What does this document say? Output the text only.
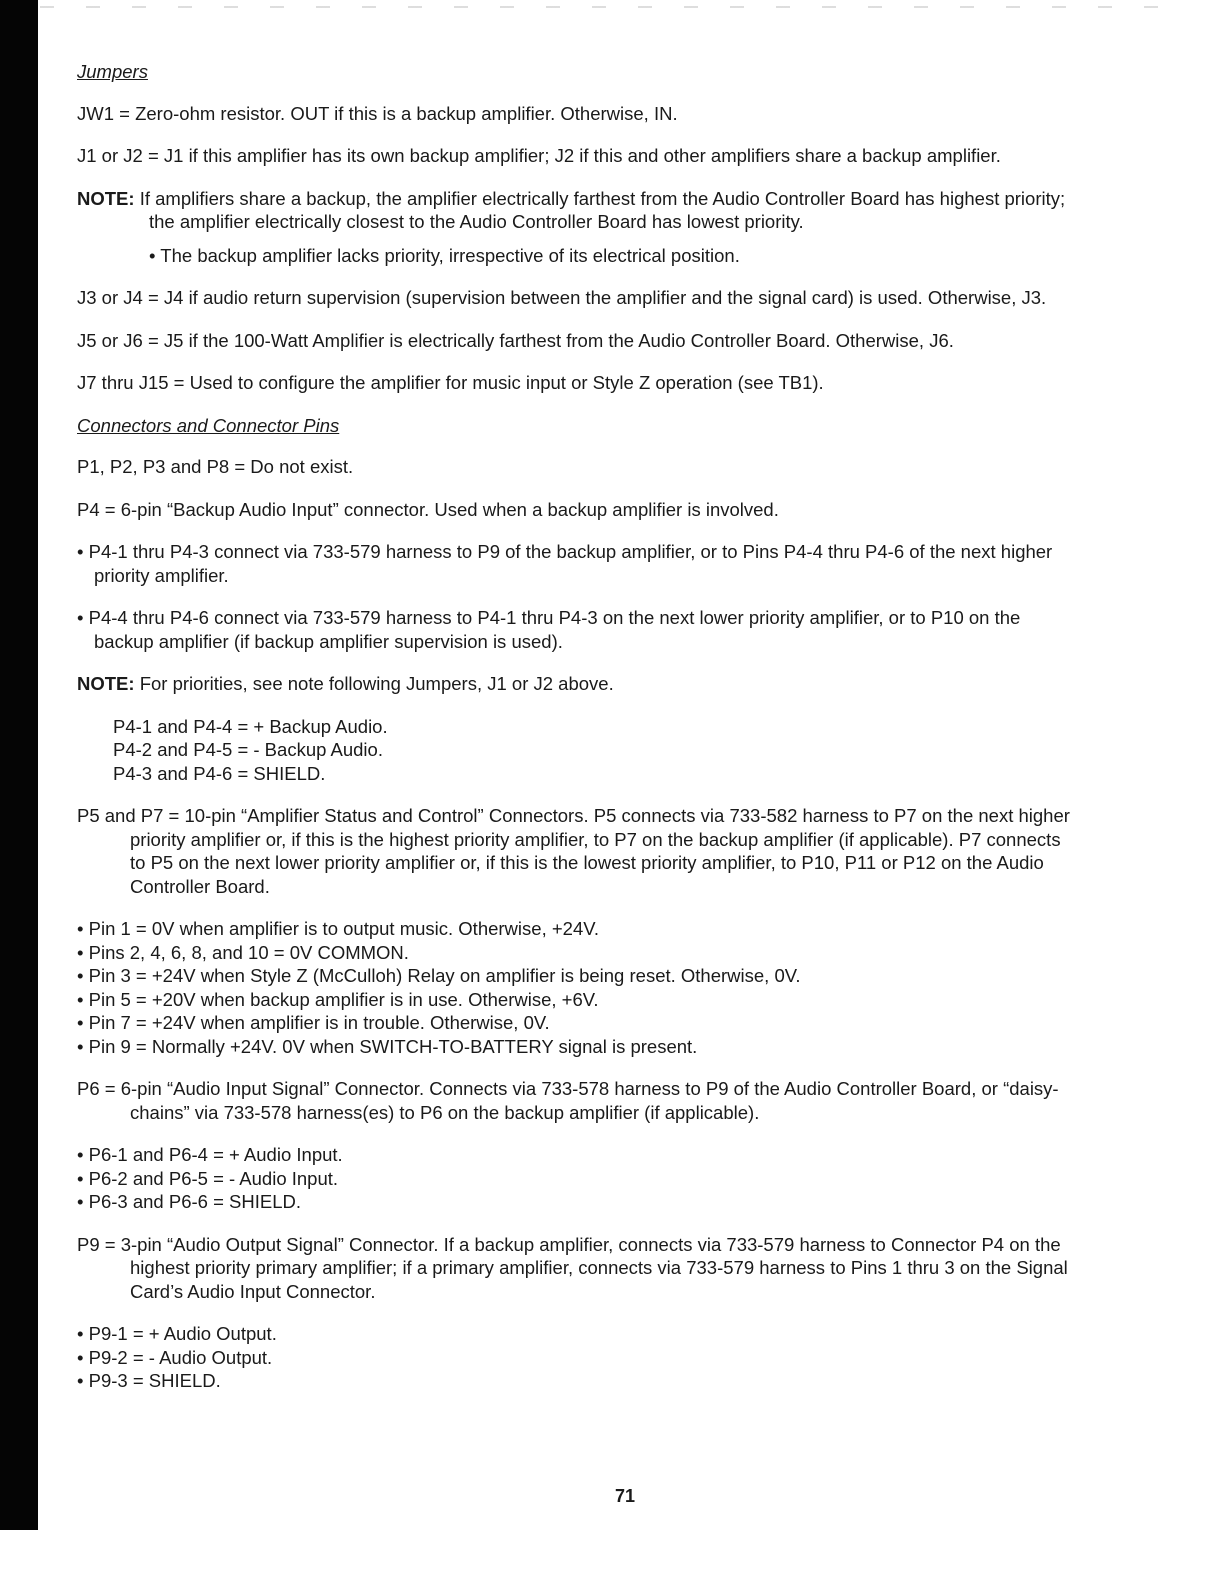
Jumpers

JW1 = Zero-ohm resistor. OUT if this is a backup amplifier. Otherwise, IN.

J1 or J2 = J1 if this amplifier has its own backup amplifier; J2 if this and other amplifiers share a backup amplifier.

NOTE: If amplifiers share a backup, the amplifier electrically farthest from the Audio Controller Board has highest priority; the amplifier electrically closest to the Audio Controller Board has lowest priority.

• The backup amplifier lacks priority, irrespective of its electrical position.

J3 or J4 = J4 if audio return supervision (supervision between the amplifier and the signal card) is used. Otherwise, J3.

J5 or J6 = J5 if the 100-Watt Amplifier is electrically farthest from the Audio Controller Board. Otherwise, J6.

J7 thru J15 = Used to configure the amplifier for music input or Style Z operation (see TB1).

Connectors and Connector Pins

P1, P2, P3 and P8 = Do not exist.

P4 = 6-pin “Backup Audio Input” connector. Used when a backup amplifier is involved.

• P4-1 thru P4-3 connect via 733-579 harness to P9 of the backup amplifier, or to Pins P4-4 thru P4-6 of the next higher priority amplifier.
• P4-4 thru P4-6 connect via 733-579 harness to P4-1 thru P4-3 on the next lower priority amplifier, or to P10 on the backup amplifier (if backup amplifier supervision is used).

NOTE: For priorities, see note following Jumpers, J1 or J2 above.

P4-1 and P4-4 = + Backup Audio.
P4-2 and P4-5 = - Backup Audio.
P4-3 and P4-6 = SHIELD.

P5 and P7 = 10-pin “Amplifier Status and Control” Connectors. P5 connects via 733-582 harness to P7 on the next higher priority amplifier or, if this is the highest priority amplifier, to P7 on the backup amplifier (if applicable). P7 connects to P5 on the next lower priority amplifier or, if this is the lowest priority amplifier, to P10, P11 or P12 on the Audio Controller Board.

• Pin 1 = 0V when amplifier is to output music. Otherwise, +24V.
• Pins 2, 4, 6, 8, and 10 = 0V COMMON.
• Pin 3 = +24V when Style Z (McCulloh) Relay on amplifier is being reset. Otherwise, 0V.
• Pin 5 = +20V when backup amplifier is in use. Otherwise, +6V.
• Pin 7 = +24V when amplifier is in trouble. Otherwise, 0V.
• Pin 9 = Normally +24V. 0V when SWITCH-TO-BATTERY signal is present.

P6 = 6-pin “Audio Input Signal” Connector. Connects via 733-578 harness to P9 of the Audio Controller Board, or “daisy-chains” via 733-578 harness(es) to P6 on the backup amplifier (if applicable).

• P6-1 and P6-4 = + Audio Input.
• P6-2 and P6-5 = - Audio Input.
• P6-3 and P6-6 = SHIELD.

P9 = 3-pin “Audio Output Signal” Connector. If a backup amplifier, connects via 733-579 harness to Connector P4 on the highest priority primary amplifier; if a primary amplifier, connects via 733-579 harness to Pins 1 thru 3 on the Signal Card’s Audio Input Connector.

• P9-1 = + Audio Output.
• P9-2 = - Audio Output.
• P9-3 = SHIELD.
71
